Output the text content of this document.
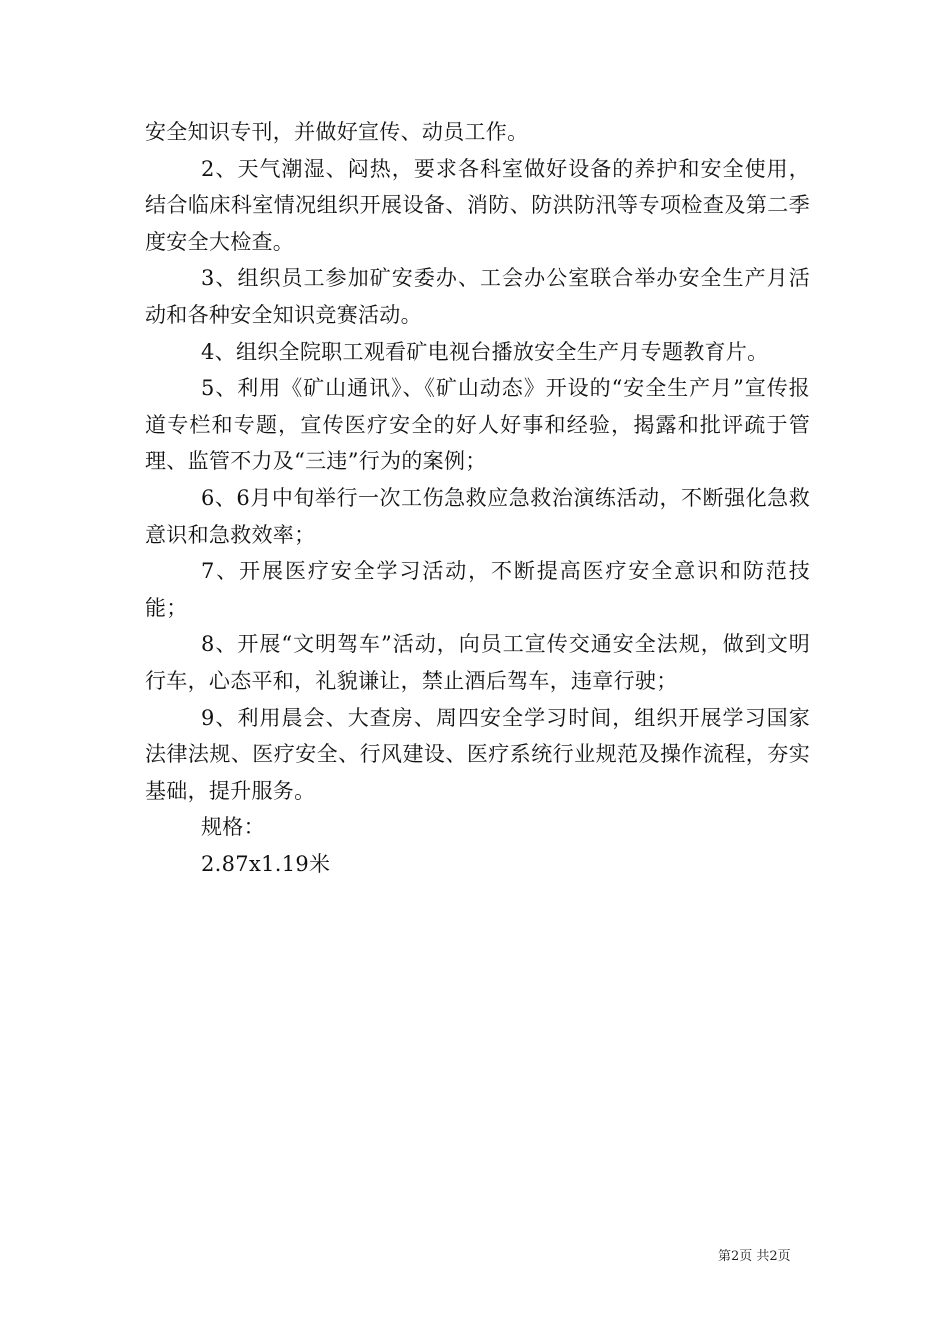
安全知识专刊，并做好宣传、动员工作。

2、天气潮湿、闷热，要求各科室做好设备的养护和安全使用，结合临床科室情况组织开展设备、消防、防洪防汛等专项检查及第二季度安全大检查。

3、组织员工参加矿安委办、工会办公室联合举办安全生产月活动和各种安全知识竞赛活动。

4、组织全院职工观看矿电视台播放安全生产月专题教育片。

5、利用《矿山通讯》、《矿山动态》开设的“安全生产月”宣传报道专栏和专题，宣传医疗安全的好人好事和经验，揭露和批评疏于管理、监管不力及“三违”行为的案例；

6、6月中旬举行一次工伤急救应急救治演练活动，不断强化急救意识和急救效率；

7、开展医疗安全学习活动，不断提高医疗安全意识和防范技能；

8、开展“文明驾车”活动，向员工宣传交通安全法规，做到文明行车，心态平和，礼貌谦让，禁止酒后驾车，违章行驶；

9、利用晨会、大查房、周四安全学习时间，组织开展学习国家法律法规、医疗安全、行风建设、医疗系统行业规范及操作流程，夯实基础，提升服务。

规格：

2.87x1.19米

第2页 共2页
